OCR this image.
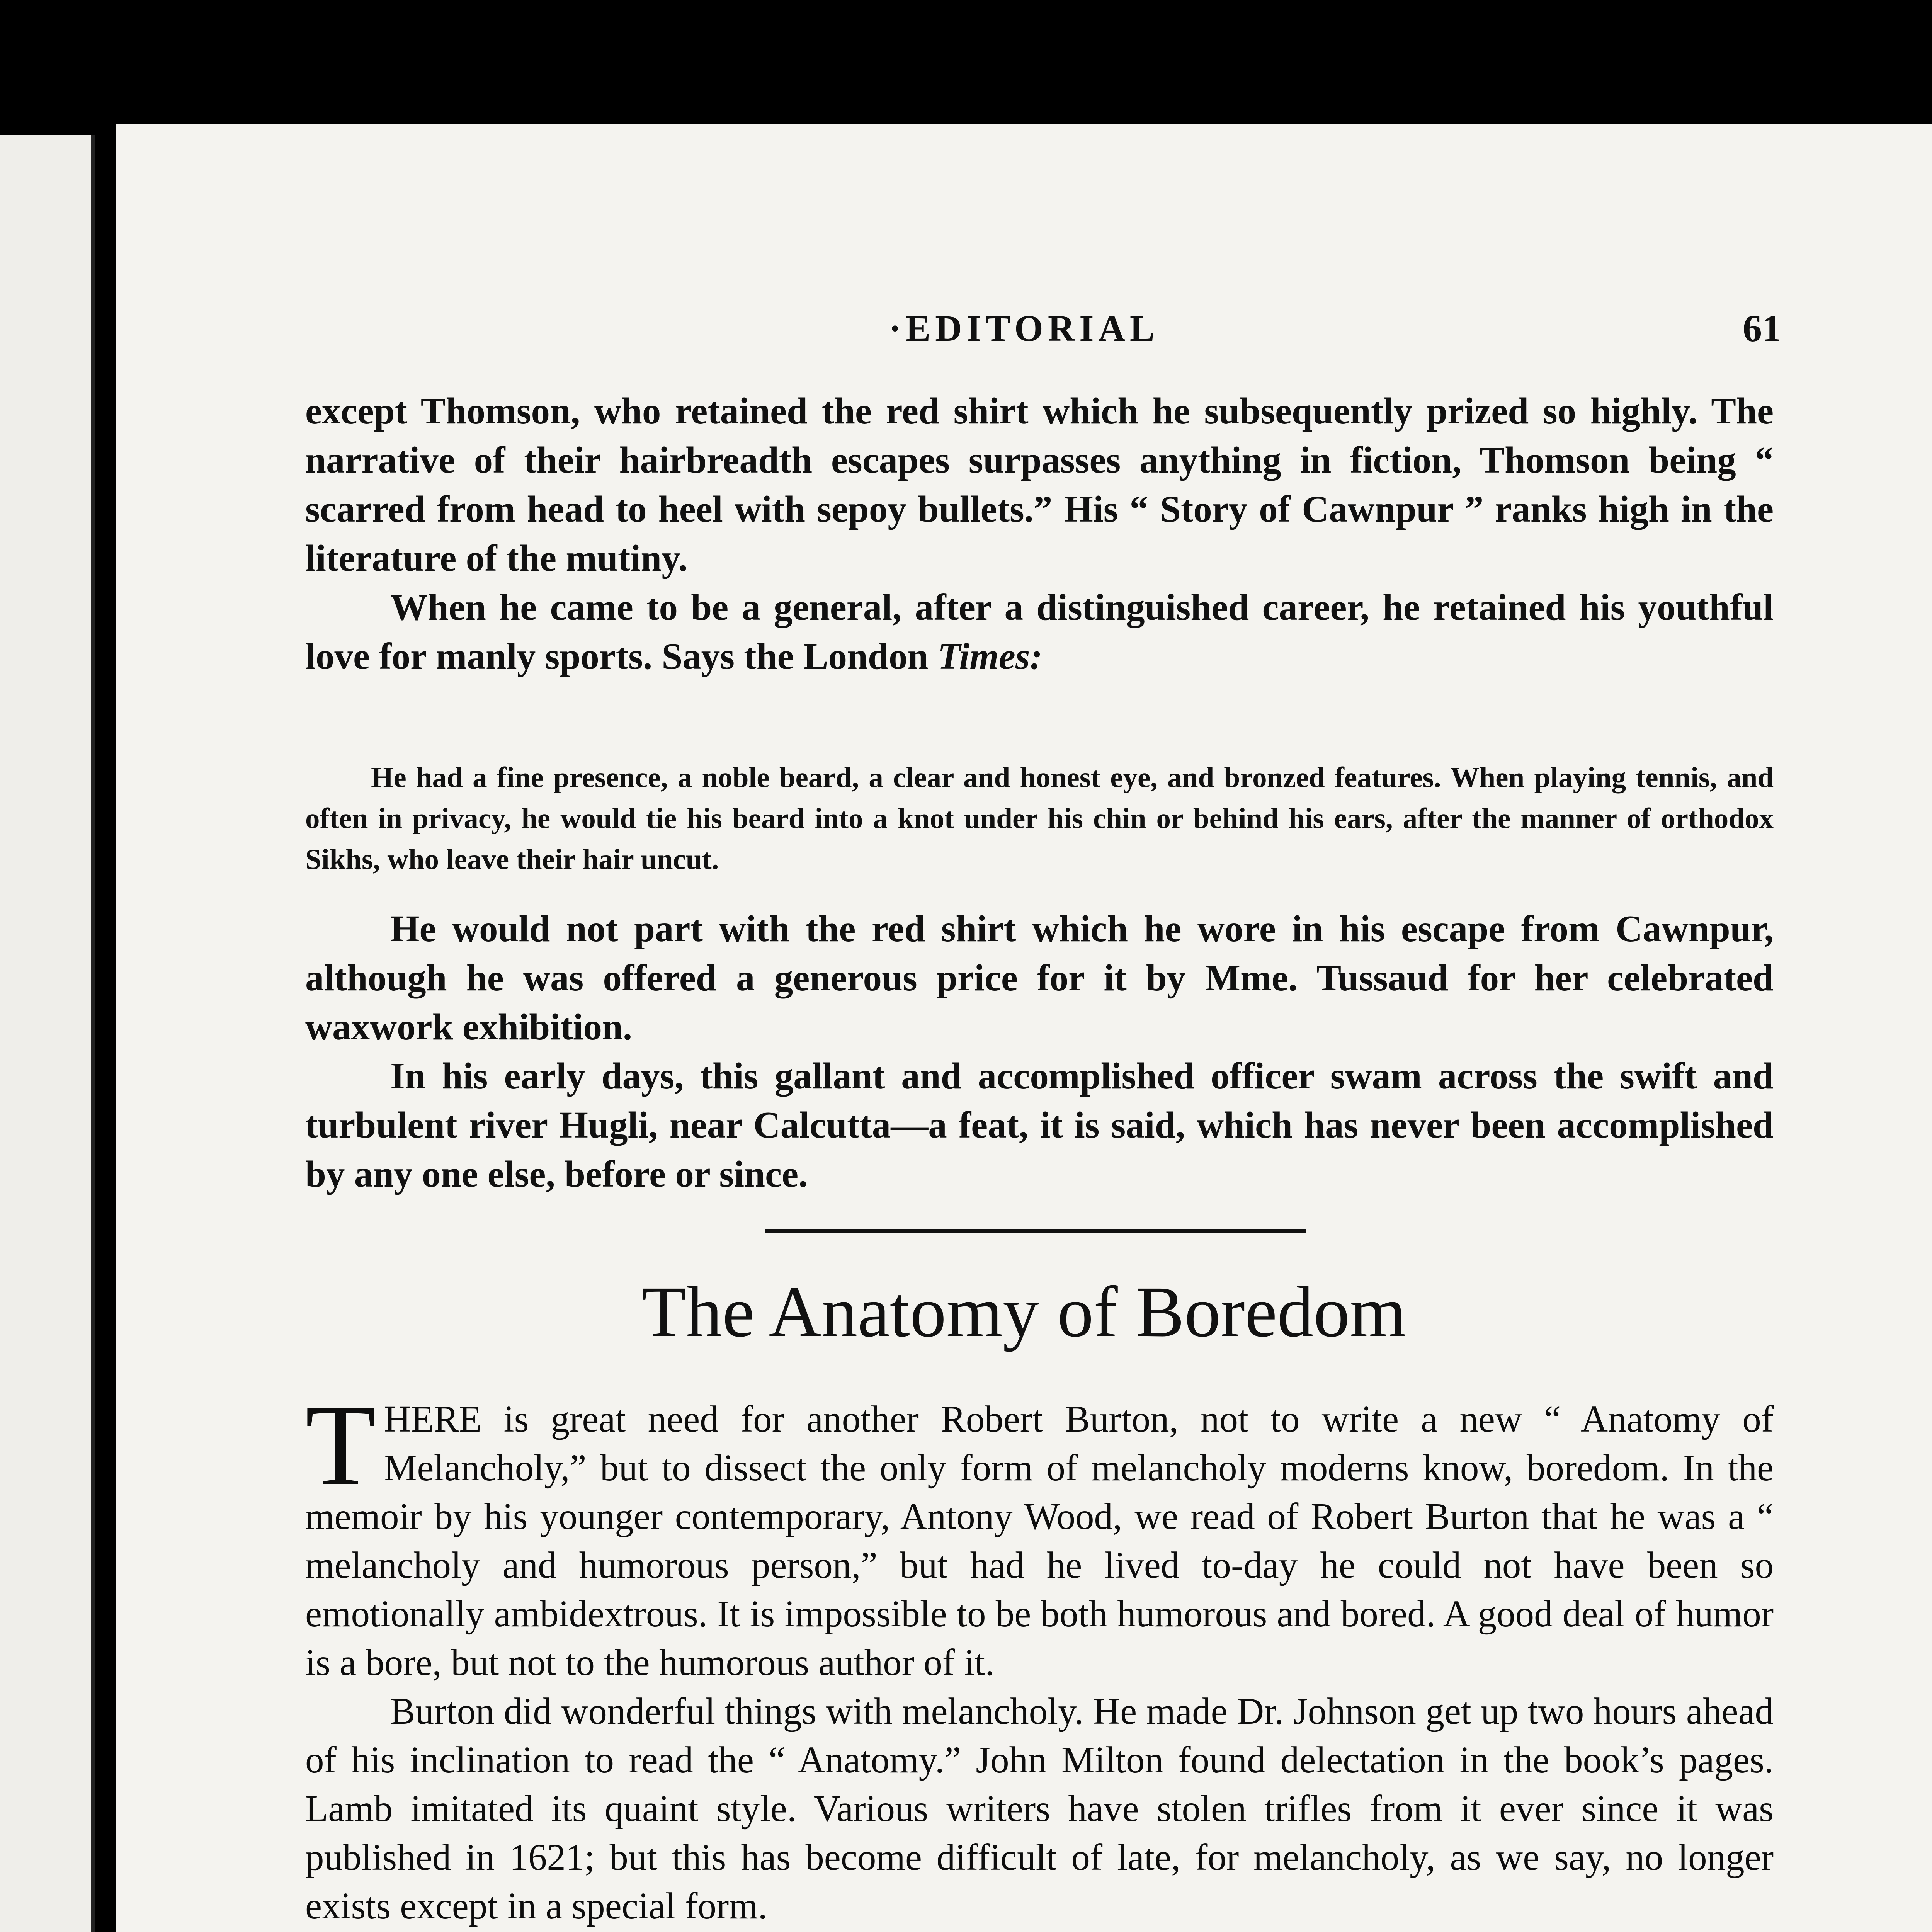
·EDITORIAL	61

except Thomson, who retained the red shirt which he subsequently prized so highly. The narrative of their hairbreadth escapes surpasses anything in fiction, Thomson being “ scarred from head to heel with sepoy bullets.” His “ Story of Cawnpur ” ranks high in the literature of the mutiny.

When he came to be a general, after a distinguished career, he retained his youthful love for manly sports. Says the London Times:

He had a fine presence, a noble beard, a clear and honest eye, and bronzed features. When playing tennis, and often in privacy, he would tie his beard into a knot under his chin or behind his ears, after the manner of orthodox Sikhs, who leave their hair uncut.

He would not part with the red shirt which he wore in his escape from Cawnpur, although he was offered a generous price for it by Mme. Tussaud for her celebrated waxwork exhibition.

In his early days, this gallant and accomplished officer swam across the swift and turbulent river Hugli, near Calcutta—a feat, it is said, which has never been accomplished by any one else, before or since.

The Anatomy of Boredom

THERE is great need for another Robert Burton, not to write a new “ Anatomy of Melancholy,” but to dissect the only form of melancholy moderns know, boredom. In the memoir by his younger contemporary, Antony Wood, we read of Robert Burton that he was a “ melancholy and humorous person,” but had he lived to-day he could not have been so emotionally ambidextrous. It is impossible to be both humorous and bored. A good deal of humor is a bore, but not to the humorous author of it.

Burton did wonderful things with melancholy. He made Dr. Johnson get up two hours ahead of his inclination to read the “ Anatomy.” John Milton found delectation in the book’s pages. Lamb imitated its quaint style. Various writers have stolen trifles from it ever since it was published in 1621; but this has become difficult of late, for melancholy, as we say, no longer exists except in a special form.
